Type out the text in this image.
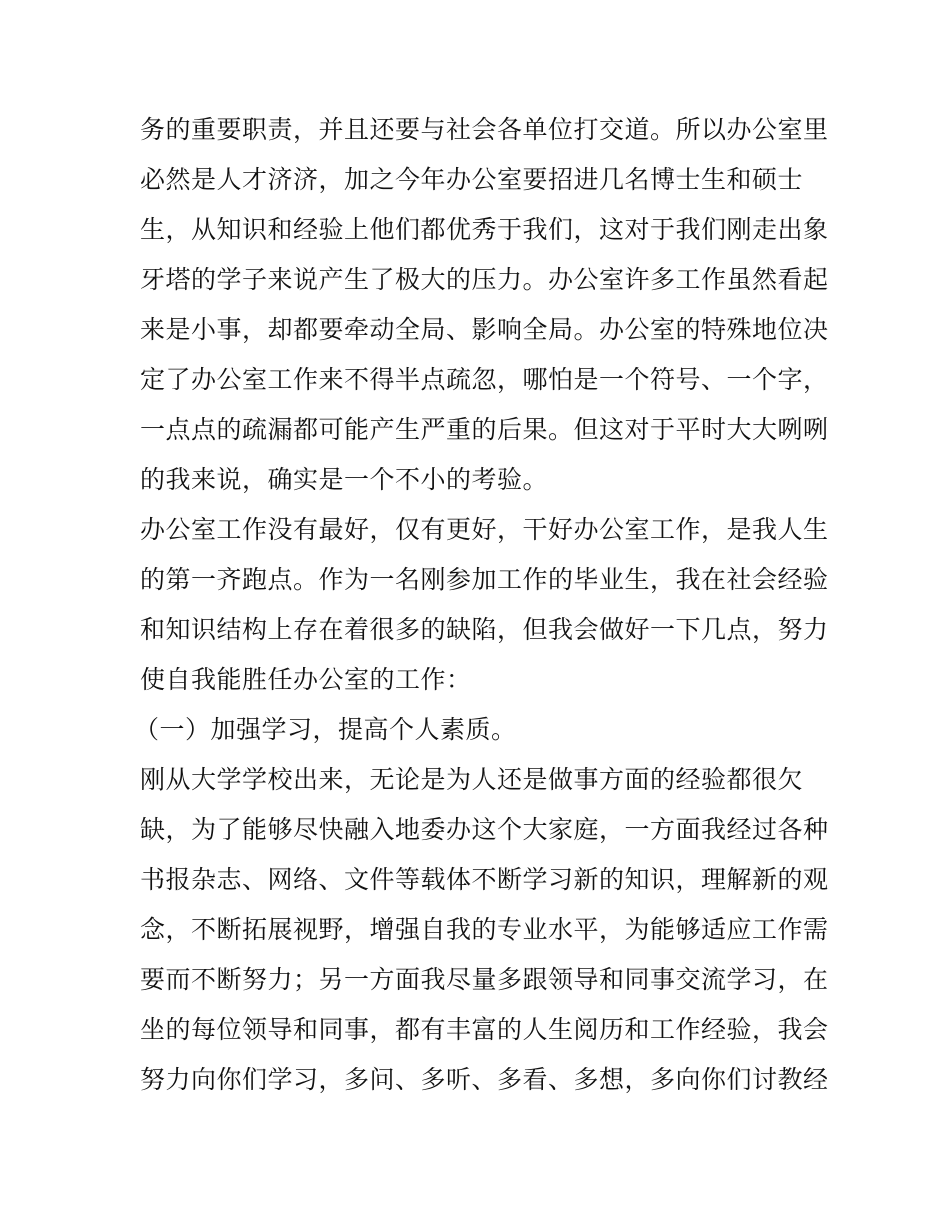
务的重要职责，并且还要与社会各单位打交道。所以办公室里
必然是人才济济，加之今年办公室要招进几名博士生和硕士
生，从知识和经验上他们都优秀于我们，这对于我们刚走出象
牙塔的学子来说产生了极大的压力。办公室许多工作虽然看起
来是小事，却都要牵动全局、影响全局。办公室的特殊地位决
定了办公室工作来不得半点疏忽，哪怕是一个符号、一个字，
一点点的疏漏都可能产生严重的后果。但这对于平时大大咧咧
的我来说，确实是一个不小的考验。
办公室工作没有最好，仅有更好，干好办公室工作，是我人生
的第一齐跑点。作为一名刚参加工作的毕业生，我在社会经验
和知识结构上存在着很多的缺陷，但我会做好一下几点，努力
使自我能胜任办公室的工作：
（一）加强学习，提高个人素质。
刚从大学学校出来，无论是为人还是做事方面的经验都很欠
缺，为了能够尽快融入地委办这个大家庭，一方面我经过各种
书报杂志、网络、文件等载体不断学习新的知识，理解新的观
念，不断拓展视野，增强自我的专业水平，为能够适应工作需
要而不断努力；另一方面我尽量多跟领导和同事交流学习，在
坐的每位领导和同事，都有丰富的人生阅历和工作经验，我会
努力向你们学习，多问、多听、多看、多想，多向你们讨教经
